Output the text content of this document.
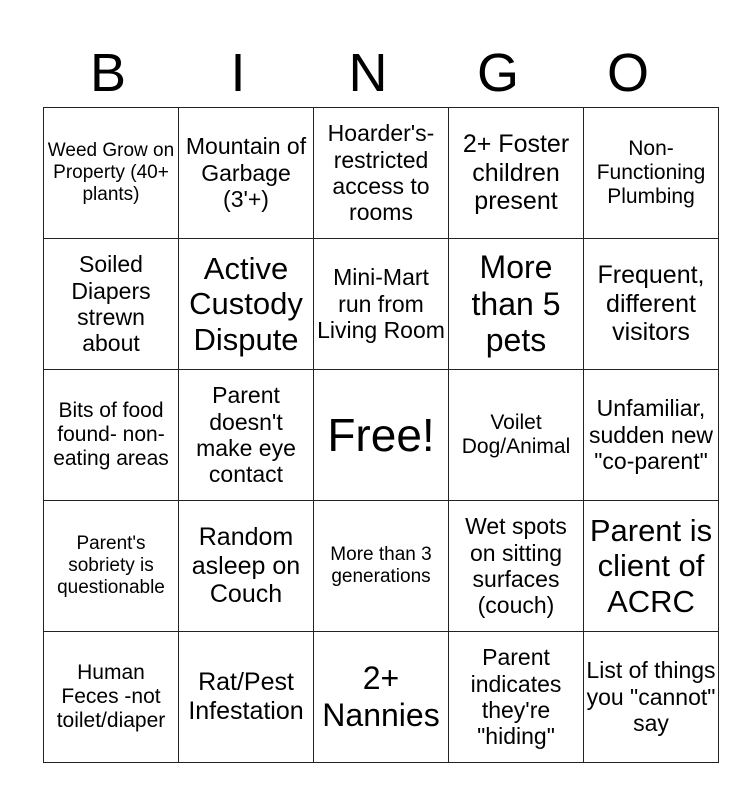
B	I	N	G	O
Weed Grow on Property (40+ plants)	Mountain of Garbage (3'+)	Hoarder's-restricted access to rooms	2+ Foster children present	Non-Functioning Plumbing
Soiled Diapers strewn about	Active Custody Dispute	Mini-Mart run from Living Room	More than 5 pets	Frequent, different visitors
Bits of food found- non-eating areas	Parent doesn't make eye contact	Free!	Voilet Dog/Animal	Unfamiliar, sudden new "co-parent"
Parent's sobriety is questionable	Random asleep on Couch	More than 3 generations	Wet spots on sitting surfaces (couch)	Parent is client of ACRC
Human Feces -not toilet/diaper	Rat/Pest Infestation	2+ Nannies	Parent indicates they're "hiding"	List of things you "cannot" say
